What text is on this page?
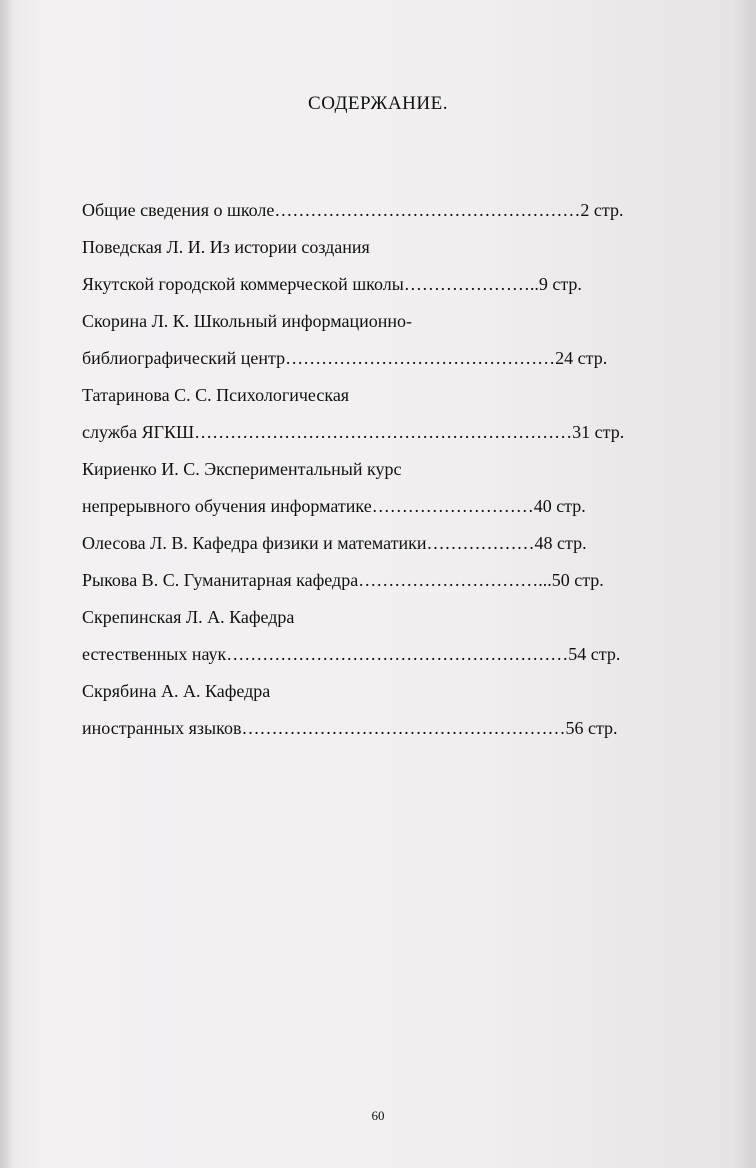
СОДЕРЖАНИЕ.
Общие сведения о школе……………………………………………2 стр.
Поведская Л. И. Из истории создания
Якутской городской коммерческой школы…………………..9 стр.
Скорина Л. К. Школьный информационно-
библиографический центр………………………………………24 стр.
Татаринова С. С. Психологическая
служба ЯГКШ………………………………………………………31 стр.
Кириенко И. С. Экспериментальный курс
непрерывного обучения информатике………………………40 стр.
Олесова Л. В. Кафедра физики и математики………………48 стр.
Рыкова В. С. Гуманитарная кафедра…………………………...50 стр.
Скрепинская Л. А. Кафедра
естественных наук…………………………………………………54 стр.
Скрябина А. А. Кафедра
иностранных языков………………………………………………56 стр.
60
